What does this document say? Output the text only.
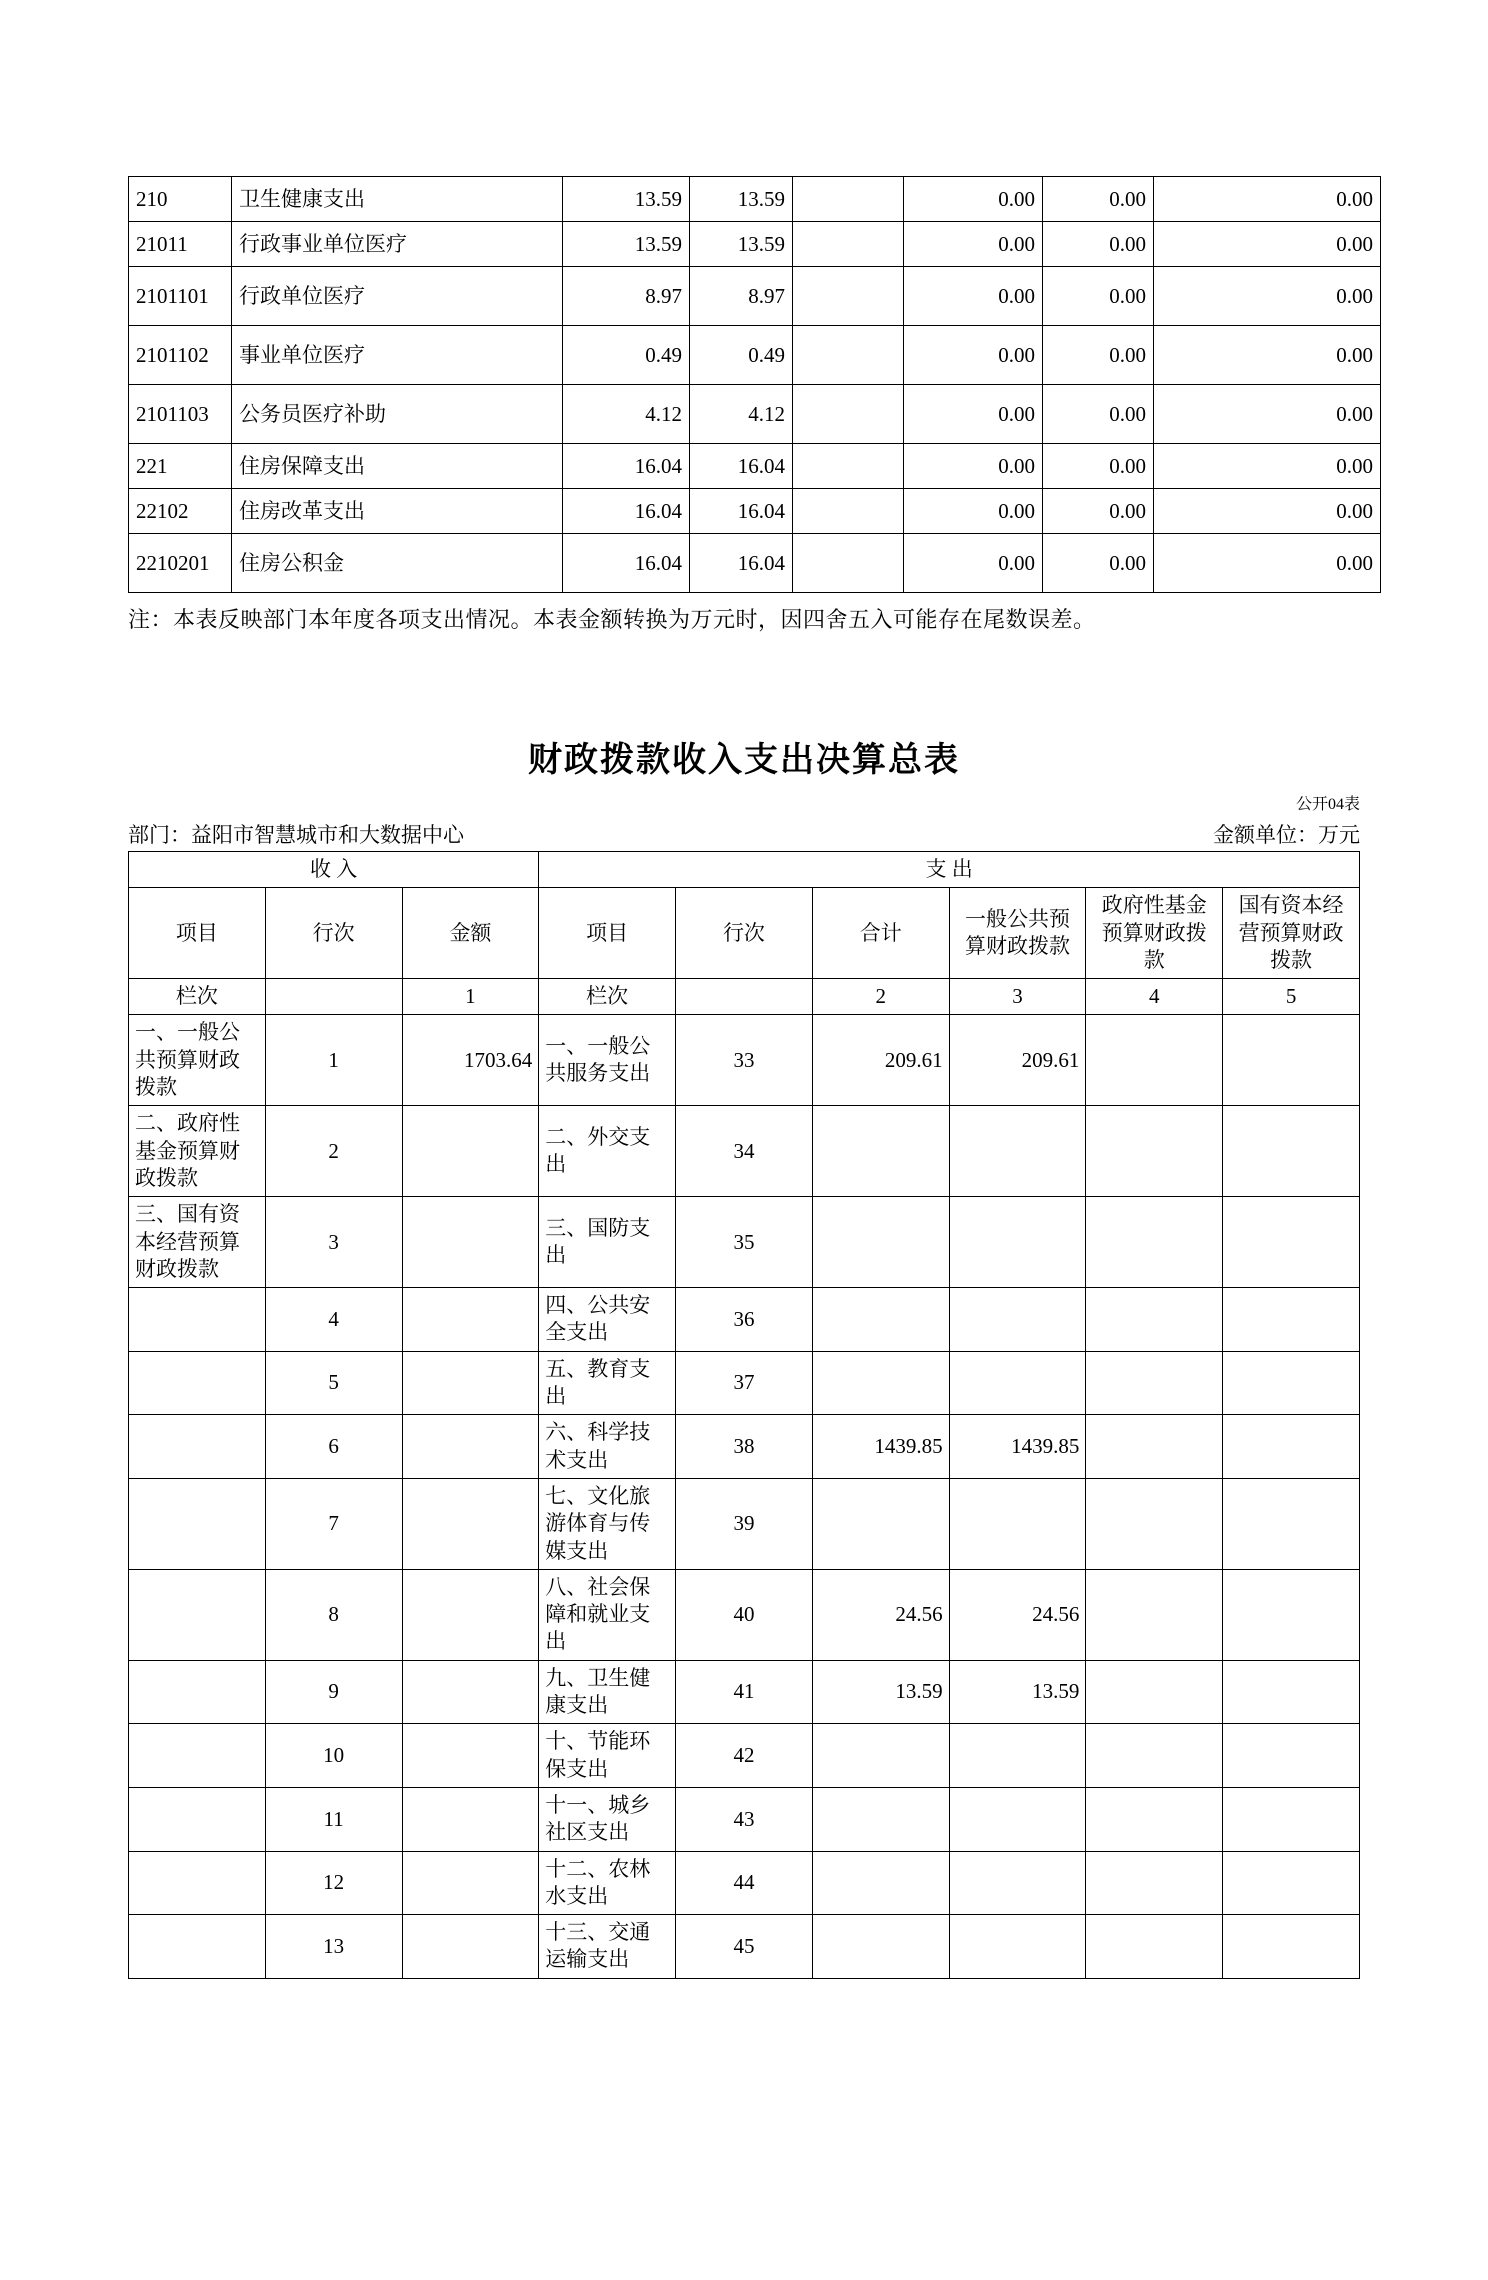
210	卫生健康支出	13.59	13.59		0.00	0.00	0.00
21011	行政事业单位医疗	13.59	13.59		0.00	0.00	0.00
2101101	行政单位医疗	8.97	8.97		0.00	0.00	0.00
2101102	事业单位医疗	0.49	0.49		0.00	0.00	0.00
2101103	公务员医疗补助	4.12	4.12		0.00	0.00	0.00
221	住房保障支出	16.04	16.04		0.00	0.00	0.00
22102	住房改革支出	16.04	16.04		0.00	0.00	0.00
2210201	住房公积金	16.04	16.04		0.00	0.00	0.00
注：本表反映部门本年度各项支出情况。本表金额转换为万元时，因四舍五入可能存在尾数误差。
财政拨款收入支出决算总表
公开04表
部门：益阳市智慧城市和大数据中心	金额单位：万元
收 入			支 出					
项目	行次	金额	项目	行次	合计	一般公共预算财政拨款	政府性基金预算财政拨款	国有资本经营预算财政拨款
栏次		1	栏次		2	3	4	5
一、一般公共预算财政拨款	1	1703.64	一、一般公共服务支出	33	209.61	209.61		
二、政府性基金预算财政拨款	2		二、外交支出	34				
三、国有资本经营预算财政拨款	3		三、国防支出	35				
	4		四、公共安全支出	36				
	5		五、教育支出	37				
	6		六、科学技术支出	38	1439.85	1439.85		
	7		七、文化旅游体育与传媒支出	39				
	8		八、社会保障和就业支出	40	24.56	24.56		
	9		九、卫生健康支出	41	13.59	13.59		
	10		十、节能环保支出	42				
	11		十一、城乡社区支出	43				
	12		十二、农林水支出	44				
	13		十三、交通运输支出	45				
